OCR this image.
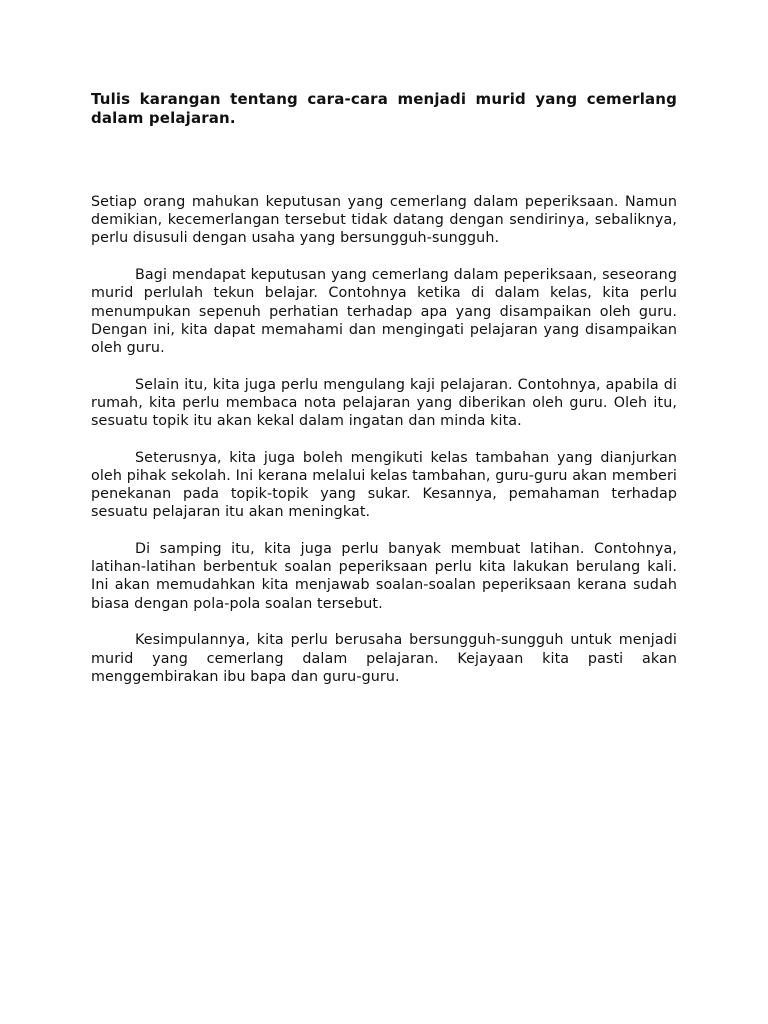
Tulis karangan tentang cara-cara menjadi murid yang cemerlang dalam pelajaran.

Setiap orang mahukan keputusan yang cemerlang dalam peperiksaan. Namun demikian, kecemerlangan tersebut tidak datang dengan sendirinya, sebaliknya, perlu disusuli dengan usaha yang bersungguh-sungguh.

Bagi mendapat keputusan yang cemerlang dalam peperiksaan, seseorang murid perlulah tekun belajar. Contohnya ketika di dalam kelas, kita perlu menumpukan sepenuh perhatian terhadap apa yang disampaikan oleh guru. Dengan ini, kita dapat memahami dan mengingati pelajaran yang disampaikan oleh guru.

Selain itu, kita juga perlu mengulang kaji pelajaran. Contohnya, apabila di rumah, kita perlu membaca nota pelajaran yang diberikan oleh guru. Oleh itu, sesuatu topik itu akan kekal dalam ingatan dan minda kita.

Seterusnya, kita juga boleh mengikuti kelas tambahan yang dianjurkan oleh pihak sekolah. Ini kerana melalui kelas tambahan, guru-guru akan memberi penekanan pada topik-topik yang sukar. Kesannya, pemahaman terhadap sesuatu pelajaran itu akan meningkat.

Di samping itu, kita juga perlu banyak membuat latihan. Contohnya, latihan-latihan berbentuk soalan peperiksaan perlu kita lakukan berulang kali. Ini akan memudahkan kita menjawab soalan-soalan peperiksaan kerana sudah biasa dengan pola-pola soalan tersebut.

Kesimpulannya, kita perlu berusaha bersungguh-sungguh untuk menjadi murid yang cemerlang dalam pelajaran. Kejayaan kita pasti akan menggembirakan ibu bapa dan guru-guru.
